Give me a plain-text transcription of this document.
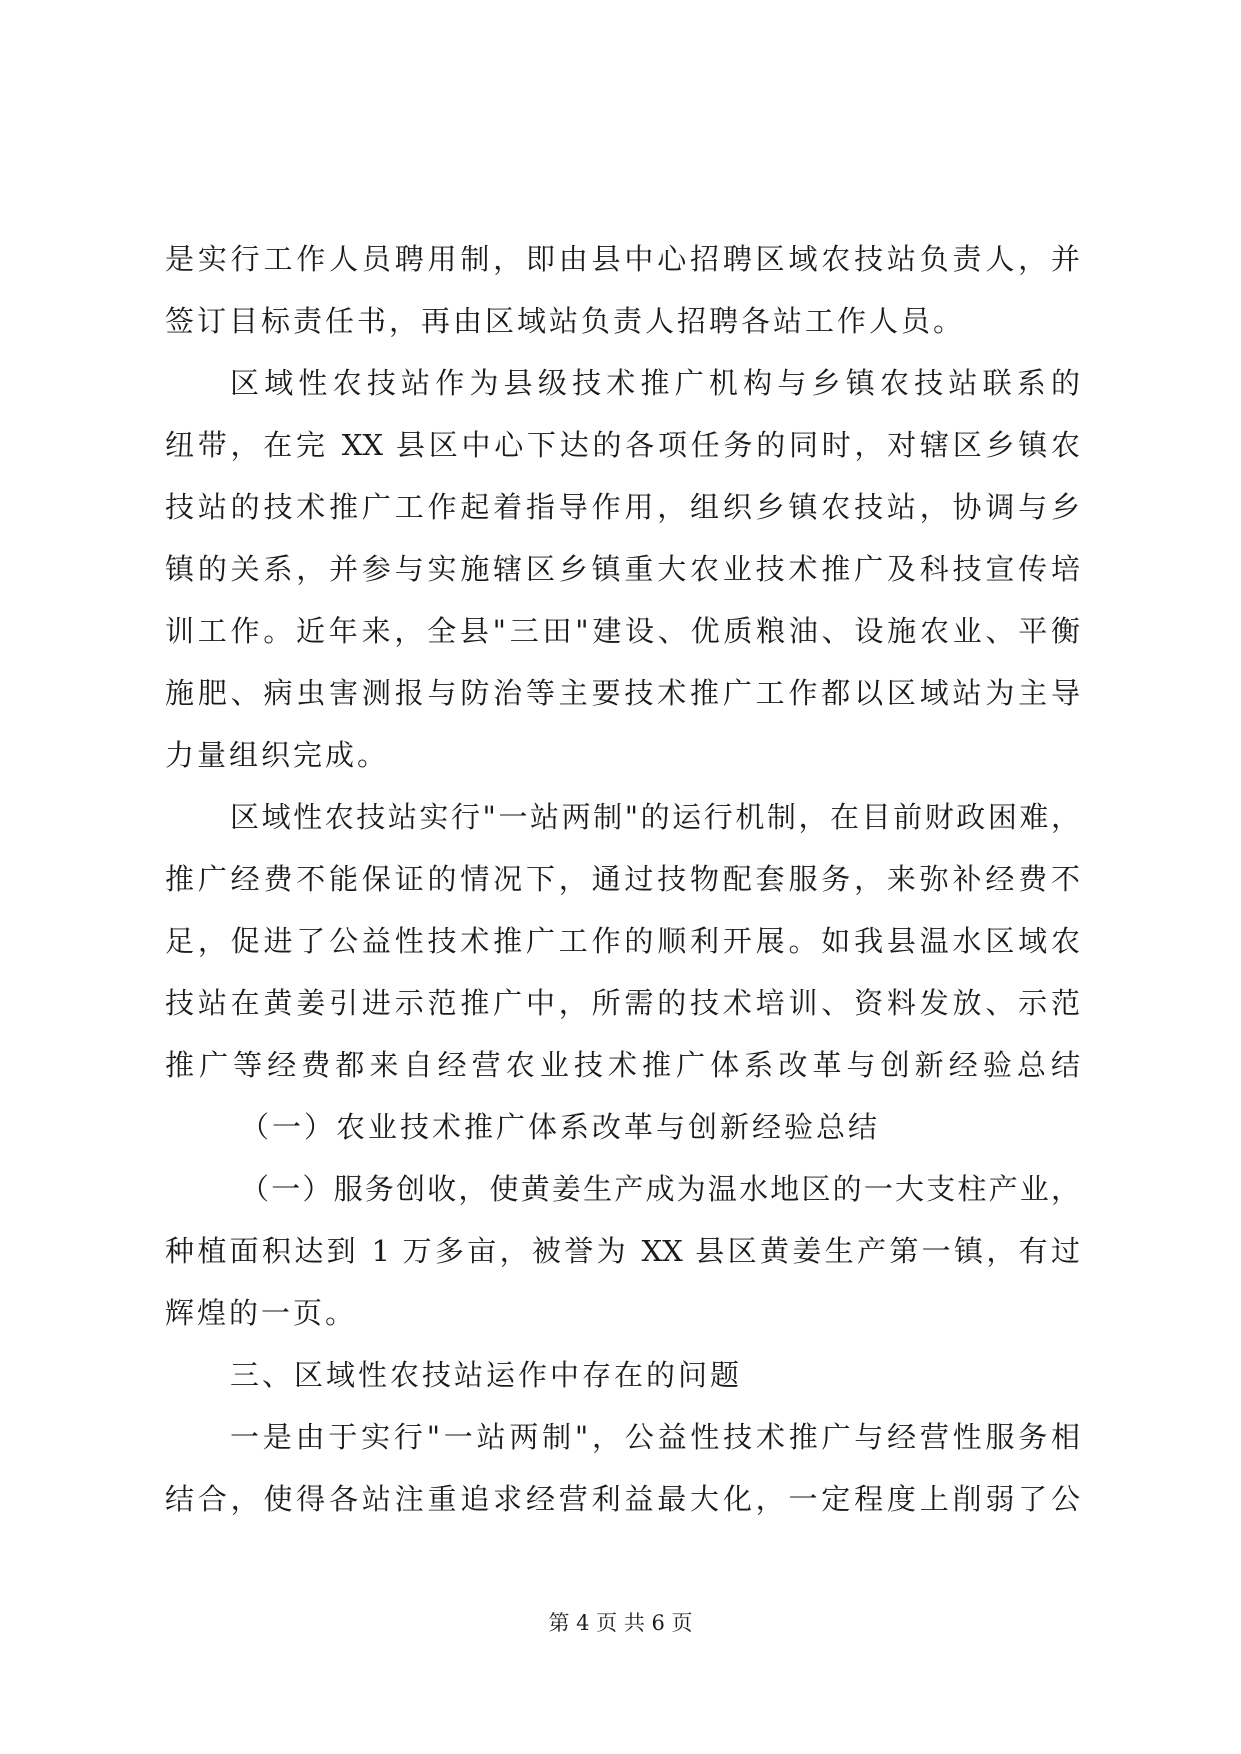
是实行工作人员聘用制，即由县中心招聘区域农技站负责人，并
签订目标责任书，再由区域站负责人招聘各站工作人员。
区域性农技站作为县级技术推广机构与乡镇农技站联系的
纽带，在完 XX 县区中心下达的各项任务的同时，对辖区乡镇农
技站的技术推广工作起着指导作用，组织乡镇农技站，协调与乡
镇的关系，并参与实施辖区乡镇重大农业技术推广及科技宣传培
训工作。近年来，全县"三田"建设、优质粮油、设施农业、平衡
施肥、病虫害测报与防治等主要技术推广工作都以区域站为主导
力量组织完成。
区域性农技站实行"一站两制"的运行机制，在目前财政困难，
推广经费不能保证的情况下，通过技物配套服务，来弥补经费不
足，促进了公益性技术推广工作的顺利开展。如我县温水区域农
技站在黄姜引进示范推广中，所需的技术培训、资料发放、示范
推广等经费都来自经营农业技术推广体系改革与创新经验总结
（一）农业技术推广体系改革与创新经验总结
（一）服务创收，使黄姜生产成为温水地区的一大支柱产业，
种植面积达到 1 万多亩，被誉为 XX 县区黄姜生产第一镇，有过
辉煌的一页。
三、区域性农技站运作中存在的问题
一是由于实行"一站两制"，公益性技术推广与经营性服务相
结合，使得各站注重追求经营利益最大化，一定程度上削弱了公
第 4 页 共 6 页
